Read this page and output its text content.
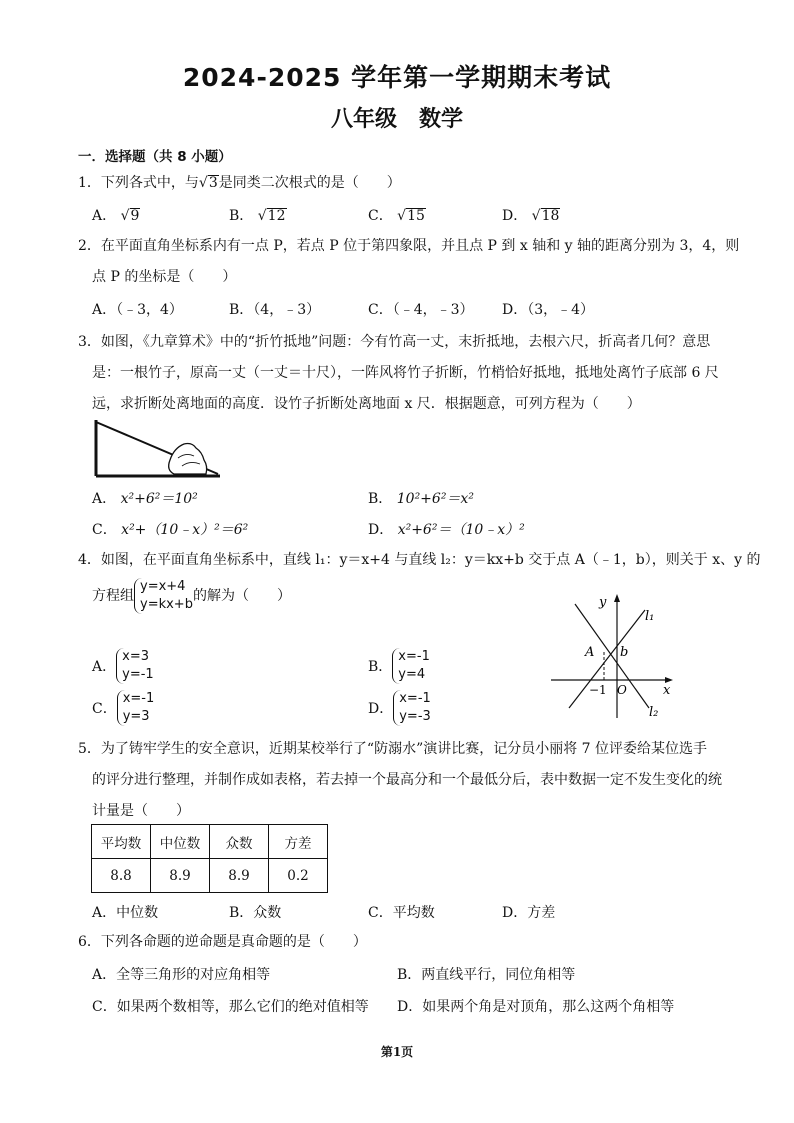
2024-2025 学年第一学期期末考试
八年级　数学
一．选择题（共 8 小题）
1．下列各式中，与√3是同类二次根式的是（　　）
A． √9	B． √12	C． √15	D． √18
2．在平面直角坐标系内有一点 P，若点 P 位于第四象限，并且点 P 到 x 轴和 y 轴的距离分别为 3，4，则
点 P 的坐标是（　　）
A．（﹣3，4）	B．（4，﹣3）	C．（﹣4，﹣3） D．（3，﹣4）
3．如图，《九章算术》中的“折竹抵地”问题：今有竹高一丈，末折抵地，去根六尺，折高者几何？意思
是：一根竹子，原高一丈（一丈＝十尺），一阵风将竹子折断，竹梢恰好抵地，抵地处离竹子底部 6 尺
远，求折断处离地面的高度．设竹子折断处离地面 x 尺．根据题意，可列方程为（　　）
A． x²+6²＝10²	B． 10²+6²＝x²
C． x²+（10﹣x）²＝6²	D． x²+6²＝（10﹣x）²
4．如图，在平面直角坐标系中，直线 l₁：y＝x+4 与直线 l₂：y＝kx+b 交于点 A（﹣1，b），则关于 x、y 的
方程组
y=x+4
y=kx+b
的解为（　　）
A．
x=3
y=-1	B．
x=-1
y=4
C．
x=-1
y=3	D．
x=-1
y=-3
y
x
l₁
l₂
A b
−1 O
5．为了铸牢学生的安全意识，近期某校举行了“防溺水”演讲比赛，记分员小丽将 7 位评委给某位选手
的评分进行整理，并制作成如表格，若去掉一个最高分和一个最低分后，表中数据一定不发生变化的统
计量是（　　）
平均数	中位数	众数	方差
8.8	8.9	8.9	0.2
A．中位数	B．众数	C．平均数	D．方差
6．下列各命题的逆命题是真命题的是（　　）
A．全等三角形的对应角相等	B．两直线平行，同位角相等
C．如果两个数相等，那么它们的绝对值相等 D．如果两个角是对顶角，那么这两个角相等
第1页
